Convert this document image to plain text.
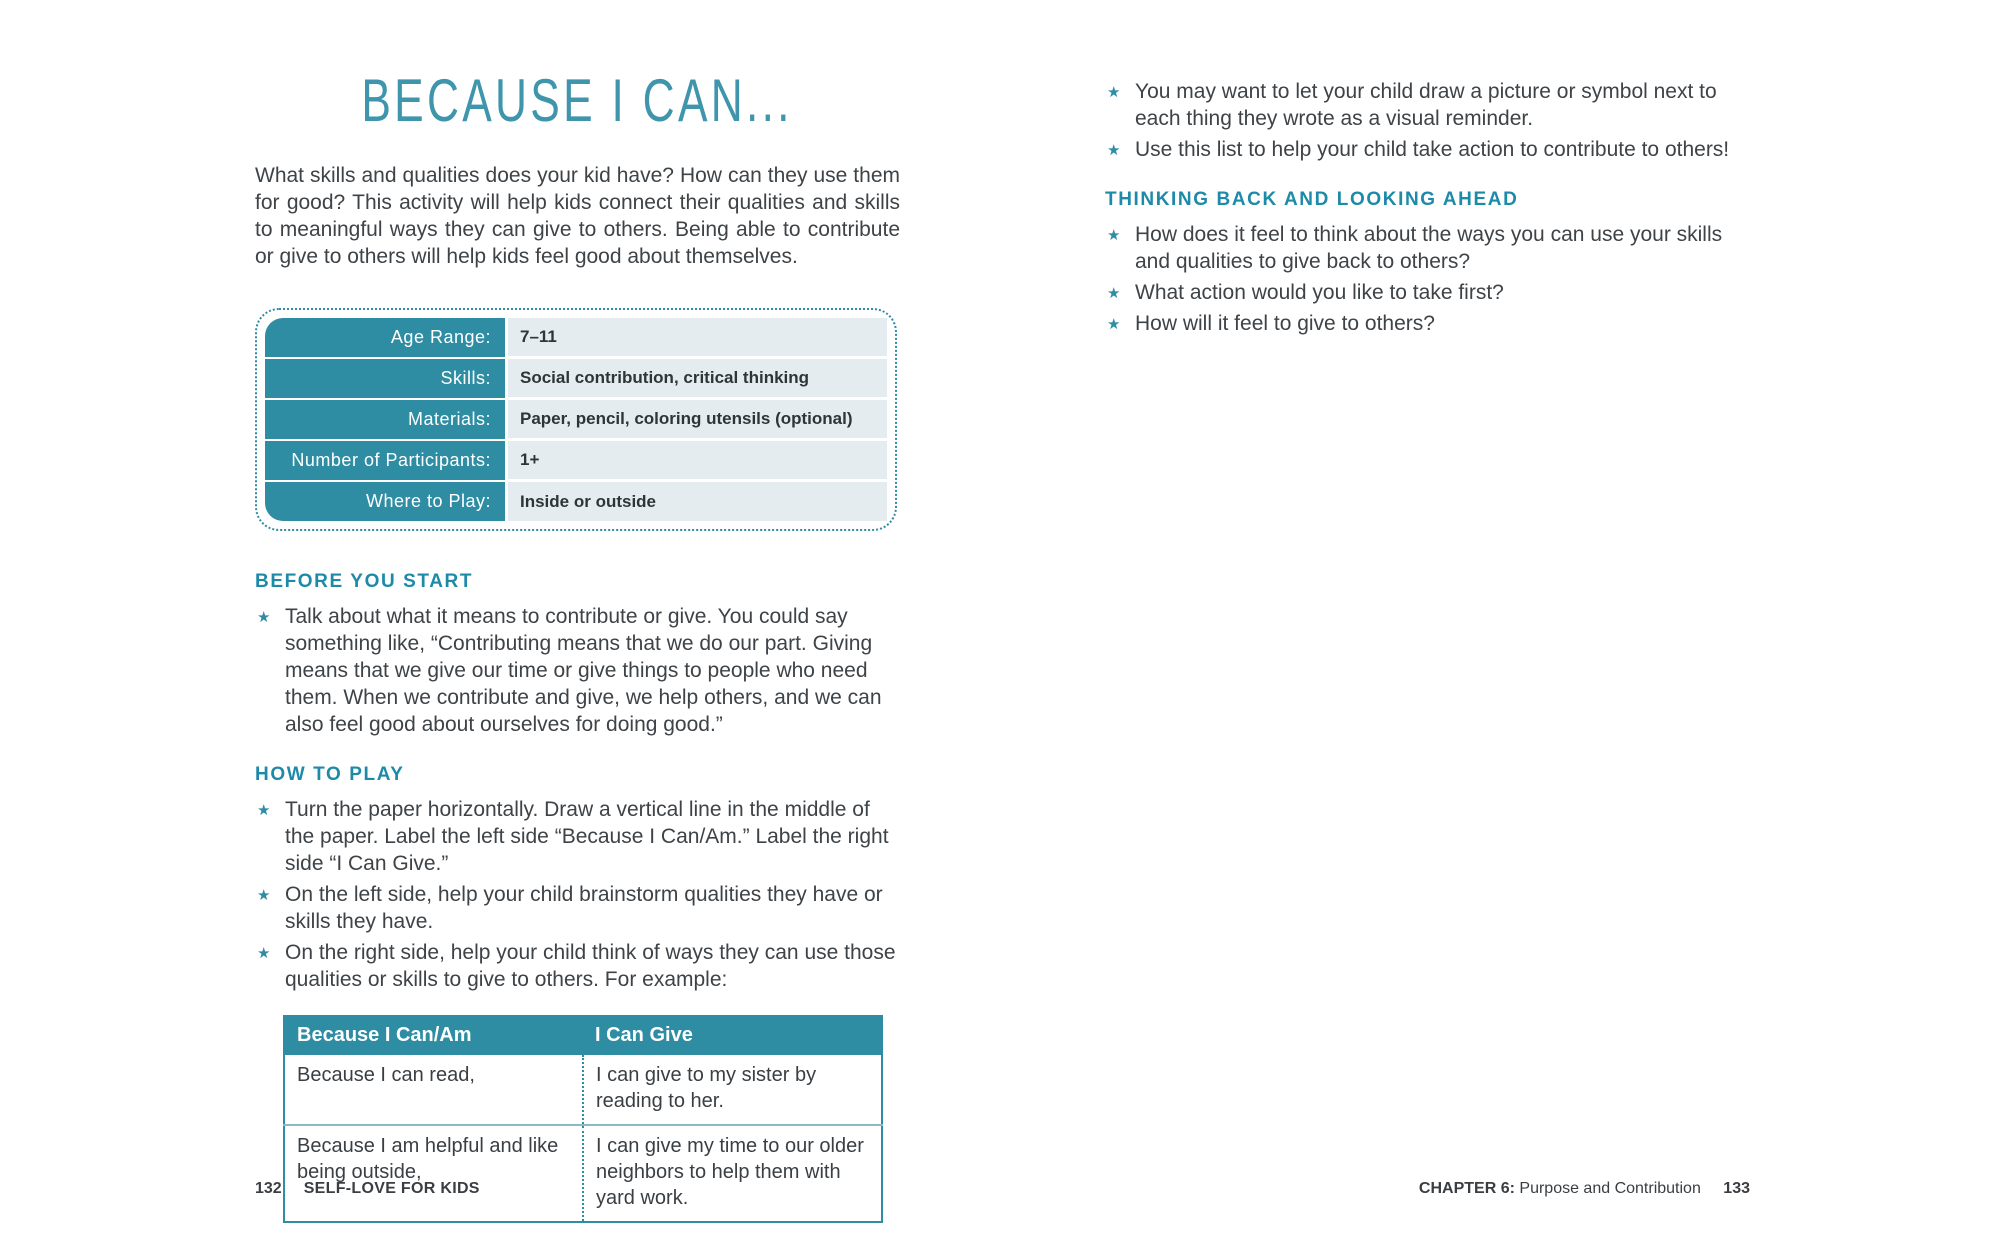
BECAUSE I CAN...

What skills and qualities does your kid have? How can they use them for good? This activity will help kids connect their qualities and skills to meaningful ways they can give to others. Being able to contribute or give to others will help kids feel good about themselves.

Age Range:	7–11
Skills:	Social contribution, critical thinking
Materials:	Paper, pencil, coloring utensils (optional)
Number of Participants:	1+
Where to Play:	Inside or outside
BEFORE YOU START
★ Talk about what it means to contribute or give. You could say something like, “Contributing means that we do our part. Giving means that we give our time or give things to people who need them. When we contribute and give, we help others, and we can also feel good about ourselves for doing good.”
HOW TO PLAY
★ Turn the paper horizontally. Draw a vertical line in the middle of the paper. Label the left side “Because I Can/Am.” Label the right side “I Can Give.”
★ On the left side, help your child brainstorm qualities they have or skills they have.
★ On the right side, help your child think of ways they can use those qualities or skills to give to others. For example:
Because I Can/Am	I Can Give
Because I can read,	I can give to my sister by reading to her.
Because I am helpful and like being outside,	I can give my time to our older neighbors to help them with yard work.
★ You may want to let your child draw a picture or symbol next to each thing they wrote as a visual reminder.
★ Use this list to help your child take action to contribute to others!
THINKING BACK AND LOOKING AHEAD
★ How does it feel to think about the ways you can use your skills and qualities to give back to others?
★ What action would you like to take first?
★ How will it feel to give to others?
132 SELF-LOVE FOR KIDS	CHAPTER 6: Purpose and Contribution 133
